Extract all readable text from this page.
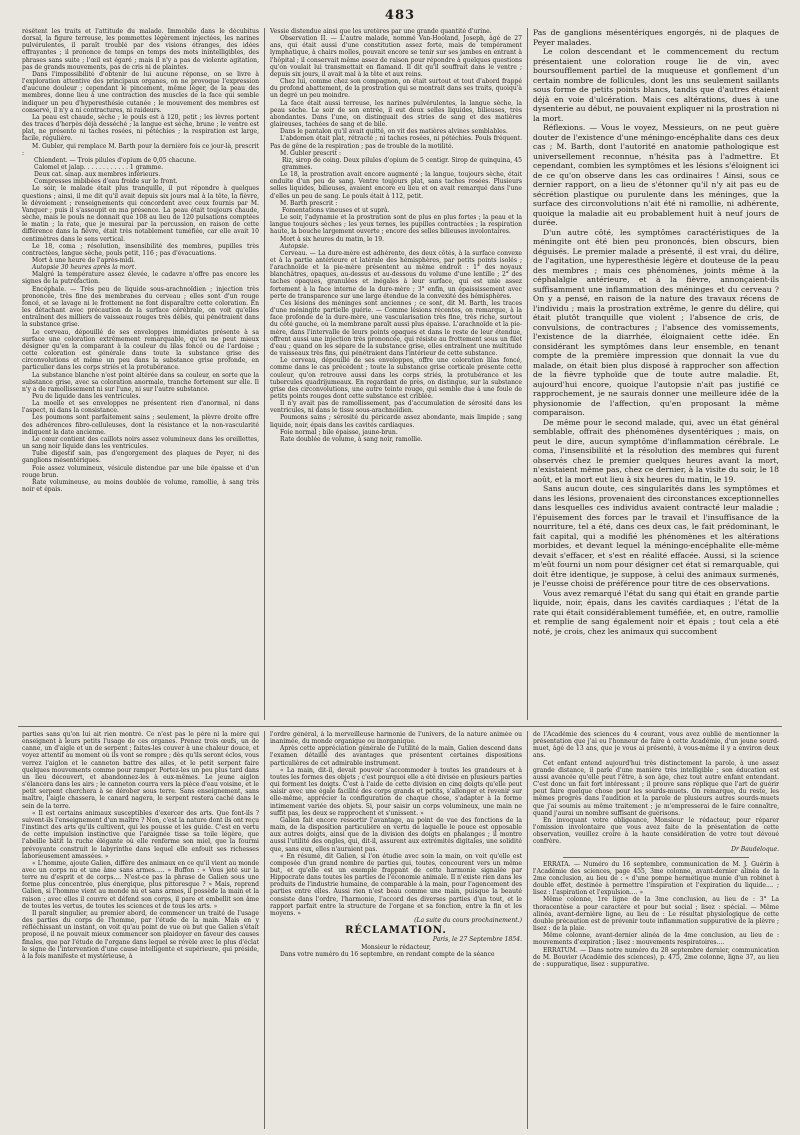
483

résêtent les traits et l'attitude du malade. Immobile dans le décubitus dorsal, la figure terreuse, les pommettes légèrement injectées, les narines pulvérulentes, il paraît troublé par des visions étranges, des idées effrayantes ; il prononce de temps en temps des mots inintelligibles, des phrases sans suite ; l'œil est égaré ; mais il n'y a pas de violente agitation, pas de grands mouvements, pas de cris ni de plaintes.

Dans l'impossibilité d'obtenir de lui aucune réponse, on se livre à l'exploration attentive des principaux organes, on ne provoque l'expression d'aucune douleur ; cependant le pincement, même léger, de la peau des membres, donne lieu à une contraction des muscles de la face qui semble indiquer un peu d'hyperesthésie cutanée ; le mouvement des membres est conservé, il n'y a ni contractures, ni raideurs.

La peau est chaude, sèche ; le pouls est à 120, petit ; les lèvres portent des traces d'herpès déjà desséché ; la langue est sèche, brune ; le ventre est plat, ne présente ni taches rosées, ni pétéchies ; la respiration est large, facile, régulière.

M. Gubler, qui remplace M. Barth pour la dernière fois ce jour-là, prescrit :

Chiendent. — Trois pilules d'opium de 0,05 chacune.

Calomel et jalap. . . . . . . . . . . . 1 gramme.

Deux cat. sinap. aux membres inférieurs.

Compresses imbibées d'eau froide sur le front.

Le soir, le malade était plus tranquille, il put répondre à quelques questions ; ainsi, il me dit qu'il avait depuis six jours mal à la tête, la fièvre, le dévoiement ; renseignements qui concordent avec ceux fournis par M. Vanquer ; puis il s'assoupit en ma présence. La peau était toujours chaude, sèche, mais le pouls ne donnait que 108 au lieu de 120 pulsations comptées le matin ; la rate, que je mesurai par la percussion, en raison de cette différence dans la fièvre, était très notablement tuméfiée, car elle avait 10 centimètres dans le sens vertical.

Le 18, coma ; résolution, insensibilité des membres, pupilles très contractées, langue sèche, pouls petit, 116 ; pas d'évacuations.

Mort à une heure de l'après-midi.

Autopsie 30 heures après la mort.

Malgré la température assez élevée, le cadavre n'offre pas encore les signes de la putréfaction.

Encéphale. — Très peu de liquide sous-arachnoïdien ; injection très prononcée, très fine des membranes du cerveau ; elles sont d'un rouge foncé, et se lavage ni le frottement ne font disparaître cette coloration. En les détachant avec précaution de la surface cérébrale, on voit qu'elles entraînent des milliers de vaisseaux rouges très déliés, qui pénétraient dans la substance grise.

Le cerveau, dépouillé de ses enveloppes immédiates présente à sa surface une coloration extrêmement remarquable, qu'on ne peut mieux désigner qu'en la comparant à la couleur du lilas foncé ou de l'ardoise ; cette coloration est générale dans toute la substance grise des circonvolutions et même un peu dans la substance grise profonde, en particulier dans les corps striés et la protubérance.

La substance blanche n'est point altérée dans sa couleur, en sorte que la substance grise, avec sa coloration anormale, tranche fortement sur elle. Il n'y a de ramollissement ni sur l'une, ni sur l'autre substance.

Peu de liquide dans les ventricules.

La moelle et ses enveloppes ne présentent rien d'anormal, ni dans l'aspect, ni dans la consistance.

Les poumons sont parfaitement sains ; seulement, la plèvre droite offre des adhérences fibro-celluleuses, dont la résistance et la non-vascularité indiquent la date ancienne.

Le cœur contient des caillots noirs assez volumineux dans les oreillettes, un sang noir liquide dans les ventricules.

Tube digestif sain, pas d'engorgement des plaques de Peyer, ni des ganglions mésentériques.

Foie assez volumineux, vésicule distendue par une bile épaisse et d'un rouge brun.

Rate volumineuse, au moins doublée de volume, ramollie, à sang très noir et épais.

Vessie distendue ainsi que les uretères par une grande quantité d'urine.

Observation II. — L'autre malade, nommé Van-Hooland, Joseph, âgé de 27 ans, qui était aussi d'une constitution assez forte, mais de tempérament lymphatique, à chairs molles, pouvait encore se tenir sur ses jambes en entrant à l'hôpital ; il conservait même assez de raison pour répondre à quelques questions qu'on voulait lui transmettait en flamand. Il dit qu'il souffrait dans le ventre ; depuis six jours, il avait mal à la tête et aux reins.

Chez lui, comme chez son compagnon, on était surtout et tout d'abord frappé du profond abattement, de la prostration qui se montrait dans ses traits, quoiqu'à un degré un peu moindre.

La face était aussi terreuse, les narines pulvérulentes, la langue sèche, la peau sèche. Le soir de son entrée, il eut deux selles liquides, bilieuses, très abondantes. Dans l'une, on distinguait des stries de sang et des matières glaireuses, tachées de sang et de bile.

Dans le pantalon qu'il avait quitté, on vit des matières alvines semblables.

L'abdomen était plat, rétracté ; ni taches rosées, ni pétéchies. Pouls fréquent. Pas de gêne de la respiration ; pas de trouble de la motilité.

M. Gubler prescrit :

Riz, sirop de coing. Deux pilules d'opium de 5 centigr. Sirop de quinquina, 45 grammes.

Le 18, la prostration avait encore augmenté ; la langue, toujours sèche, était enduite d'un peu de sang. Ventre toujours plat, sans taches rosées. Plusieurs selles liquides, bilieuses, avaient encore eu lieu et on avait remarqué dans l'une d'elles un peu de sang. Le pouls était à 112, petit.

M. Barth prescrit :

Fomentations vineuses et ut suprà.

Le soir, l'adynamie et la prostration sont de plus en plus fortes ; la peau et la langue toujours sèches ; les yeux ternes, les pupilles contractées ; la respiration haute, la bouche largement ouverte ; encore des selles bilieuses involontaires.

Mort à six heures du matin, le 19.

Autopsie.

Cerveau. — La dure-mère est adhérente, des deux côtés, à la surface convexe et à la partie antérieure et latérale des hémisphères, par petits points isolés ; l'arachnoïde et la pie-mère présentent au même endroit : 1° des noyaux blanchâtres, opaques, au-dessus et au-dessous du volume d'une lentille ; 2° des taches opaques, granulées et inégales à leur surface, qui est unie assez fortement à la face interne de la dure-mère ; 3° enfin, un épaississement avec perte de transparence sur une large étendue de la convexité des hémisphères.

Ces lésions des méninges sont anciennes ; ce sont, dit M. Barth, les traces d'une méningite partielle guérie. — Comme lésions récentes, on remarque, à la face profonde de la dure-mère, une vascularisation très fine, très riche, surtout du côté gauche, où la membrane paraît aussi plus épaisse. L'arachnoïde et la pie-mère, dans l'intervalle de leurs points opaques et dans le reste de leur étendue, offrent aussi une injection très prononcée, qui résiste au frottement sous un filet d'eau ; quand on les sépare de la substance grise, elles entraînent une multitude de vaisseaux très fins, qui pénétraient dans l'intérieur de cette substance.

Le cerveau, dépouillé de ses enveloppes, offre une coloration lilas foncé, comme dans le cas précédent ; toute la substance grise corticale présente cette couleur, qu'on retrouve aussi dans les corps striés, la protubérance et les tubercules quadrijumeaux. En regardant de près, on distingue, sur la substance grise des circonvolutions, une autre teinte rouge, qui semble due à une foule de petits points rouges dont cette substance est criblée.

Il n'y avait pas de ramollissement, pas d'accumulation de sérosité dans les ventricules, ni dans le tissu sous-arachnoïdien.

Poumons sains ; sérosité du péricarde assez abondante, mais limpide ; sang liquide, noir, épais dans les cavités cardiaques.

Foie normal ; bile épaisse, jaune-brun.

Rate doublée de volume, à sang noir, ramollie.

Pas de ganglions mésentériques engorgés, ni de plaques de Peyer malades.

Le colon descendant et le commencement du rectum présentaient une coloration rouge lie de vin, avec boursoufflement partiel de la muqueuse et gonflement d'un certain nombre de follicules, dont les uns seulement saillants sous forme de petits points blancs, tandis que d'autres étaient déjà en voie d'ulcération. Mais ces altérations, dues à une dysenterie au début, ne pouvaient expliquer ni la prostration ni la mort.

Réflexions. — Vous le voyez, Messieurs, on ne peut guère douter de l'existence d'une méningo-encéphalite dans ces deux cas ; M. Barth, dont l'autorité en anatomie pathologique est universellement reconnue, n'hésita pas à l'admettre. Et cependant, combien les symptômes et les lésions s'éloignent ici de ce qu'on observe dans les cas ordinaires ! Ainsi, sous ce dernier rapport, on a lieu de s'étonner qu'il n'y ait pas eu de sécrétion plastique ou purulente dans les méninges, que la surface des circonvolutions n'ait été ni ramollie, ni adhérente, quoique la maladie ait eu probablement huit à neuf jours de durée.

D'un autre côté, les symptômes caractéristiques de la méningite ont été bien peu prononcés, bien obscurs, bien déguisés. Le premier malade a présenté, il est vrai, du délire, de l'agitation, une hyperesthésie légère et douteuse de la peau des membres ; mais ces phénomènes, joints même à la céphalalgie antérieure, et à la fièvre, annonçaient-ils suffisamment une inflammation des méninges et du cerveau ? On y a pensé, en raison de la nature des travaux récens de l'individu ; mais la prostration extrême, le genre du délire, qui était plutôt tranquille que violent ; l'absence de cris, de convulsions, de contractures ; l'absence des vomissements, l'existence de la diarrhée, éloignaient cette idée. En considérant les symptômes dans leur ensemble, en tenant compte de la première impression que donnait la vue du malade, on était bien plus disposé à rapprocher son affection de la fièvre typhoïde que de toute autre maladie. Et, aujourd'hui encore, quoique l'autopsie n'ait pas justifié ce rapprochement, je ne saurais donner une meilleure idée de la physionomie de l'affection, qu'en proposant la même comparaison.

De même pour le second malade, qui, avec un état général semblable, offrait des phénomènes dysentériques ; mais, on peut le dire, aucun symptôme d'inflammation cérébrale. Le coma, l'insensibilité et la résolution des membres qui furent observés chez le premier quelques heures avant la mort, n'existaient même pas, chez ce dernier, à la visite du soir, le 18 août, et la mort eut lieu à six heures du matin, le 19.

Sans aucun doute, ces singularités dans les symptômes et dans les lésions, provenaient des circonstances exceptionnelles dans lesquelles ces individus avaient contracté leur maladie ; l'épuisement des forces par le travail et l'insuffisance de la nourriture, tel a été, dans ces deux cas, le fait prédominant, le fait capital, qui a modifié les phénomènes et les altérations morbides, et devant lequel la méningo-encéphalite elle-même devait s'effacer, et s'est en réalité effacée. Aussi, si la science m'eût fourni un nom pour désigner cet état si remarquable, qui doit être identique, je suppose, à celui des animaux surmenés, je l'eusse choisi de préférence pour titre de ces observations.

Vous avez remarqué l'état du sang qui était en grande partie liquide, noir, épais, dans les cavités cardiaques ; l'état de la rate qui était considérablement tuméfiée, et, en outre, ramollie et remplie de sang également noir et épais ; tout cela a été noté, je crois, chez les animaux qui succombent

parties sans qu'on lui ait rien montré. Ce n'est pas le père ni la mère qui enseignent à leurs petits l'usage de ces organes. Prenez trois œufs, un de canne, un d'aigle et un de serpent ; faites-les couver à une chaleur douce, et voyez attentif au moment où ils vont se rompre ; dès qu'ils seront éclos, vous verrez l'aiglon et le canneton battre des ailes, et le petit serpent faire quelques mouvements comme pour ramper. Portez-les un peu plus tard dans un lieu découvert, et abandonnez-les à eux-mêmes. Le jeune aiglon s'élancera dans les airs ; le canneton courra vers la pièce d'eau voisine, et le petit serpent cherchera à se dérober sous terre. Sans enseignement, sans maître, l'aigle chassera, le canard nagera, le serpent restera caché dans le sein de la terre.

« Il est certains animaux susceptibles d'exercer des arts. Que font-ils ? suivent-ils l'enseignement d'un maître ? Non, c'est la nature dont ils ont reçu l'instinct des arts qu'ils cultivent, qui les pousse et les guide. C'est en vertu de cette impulsion instinctive que l'araignée tisse sa toile légère, que l'abeille bâtit la ruche élégante où elle renferme son miel, que la fourmi prévoyante construit le labyrinthe dans lequel elle enfouit ses richesses laborieusement amassées. »

« L'homme, ajoute Galien, diffère des animaux en ce qu'il vient au monde avec un corps nu et une âme sans armes..... » Buffon : « Vous jeté sur la terre nu d'esprit et de corps.... N'est-ce pas la phrase de Galien sous une forme plus concentrée, plus énergique, plus pittoresque ? » Mais, reprend Galien, si l'homme vient au monde nu et sans armes, il possède la main et la raison ; avec elles il couvre et défend son corps, il pare et embellit son âme de toutes les vertus, de toutes les sciences et de tous les arts. »

Il paraît singulier, au premier abord, de commencer un traité de l'usage des parties du corps de l'homme, par l'étude de la main. Mais en y réfléchissant un instant, on voit qu'au point de vue où but que Galien s'était proposé, il ne pouvait mieux commencer son plaidoyer en faveur des causes finales, que par l'étude de l'organe dans lequel se révèle avec le plus d'éclat le signe de l'intervention d'une cause intelligente et supérieure, qui préside, à la fois manifeste et mystérieuse, à

l'ordre général, à la merveilleuse harmonie de l'univers, de la nature animée ou inanimée, du monde organique ou inorganique.

Après cette appréciation générale de l'utilité de la main, Galien descend dans l'examen détaillé des avantages que présentent certaines dispositions particulières de cet admirable instrument.

« La main, dit-il, devait pouvoir s'accommoder à toutes les grandeurs et à toutes les formes des objets ; c'est pourquoi elle a été divisée en plusieurs parties qui forment les doigts. C'est à l'aide de cette division en cinq doigts qu'elle peut saisir avec une égale facilité des corps grands et petits, s'allonger et revenir sur elle-même, apprécier la configuration de chaque chose, s'adapter à la forme intimement variée des objets. Si, pour saisir un corps volumineux, une main ne suffit pas, les deux se rapprochent et s'unissent. »

Galien fait encore ressortir l'avantage, au point de vue des fonctions de la main, de la disposition particulière en vertu de laquelle le pouce est opposable aux autres doigts, ainsi que de la division des doigts en phalanges ; il montre aussi l'utilité des ongles, qui, dit-il, assurent aux extrémités digitales, une solidité que, sans eux, elles n'auraient pas.

« En résumé, dit Galien, si l'on étudie avec soin la main, on voit qu'elle est composée d'un grand nombre de parties qui, toutes, concourent vers un même but, et qu'elle est un exemple frappant de cette harmonie signalée par Hippocrate dans toutes les parties de l'économie animale. Il n'existe rien dans les produits de l'industrie humaine, de comparable à la main, pour l'agencement des parties entre elles. Aussi rien n'est beau comme une main, puisque la beauté consiste dans l'ordre, l'harmonie, l'accord des diverses parties d'un tout, et le rapport parfait entre la structure de l'organe et sa fonction, entre la fin et les moyens. »

(La suite du cours prochainement.)

RÉCLAMATION.

Paris, le 27 Septembre 1854.

Monsieur le rédacteur,

Dans votre numéro du 16 septembre, en rendant compte de la séance

de l'Académie des sciences du 4 courant, vous avez oublié de mentionner la présentation que j'ai eu l'honneur de faire à cette Académie, d'un jeune sourd-muet, âgé de 13 ans, que je vous ai présenté, à vous-même il y a environ deux ans.

Cet enfant entend aujourd'hui très distinctement la parole, à une assez grande distance, il parle d'une manière très intelligible ; son éducation est aussi avancée qu'elle peut l'être, à son âge, chez tout autre enfant entendant. C'est donc un fait fort intéressant ; il prouve sans réplique que l'art de guérir peut faire quelque chose pour les sourds-muets. On remarque, du reste, les mêmes progrès dans l'audition et la parole de plusieurs autres sourds-muets que j'ai soumis au même traitement ; je m'empresserai de le faire connaître, quand j'aurai un nombre suffisant de guérisons.

En invoquant votre obligeance, Monsieur le rédacteur, pour réparer l'omission involontaire que vous avez faite de la présentation de cette observation, veuillez croire à la haute considération de votre tout dévoué confrère.

Dr Baudeloque.

ERRATA. — Numéro du 16 septembre, communication de M. J. Guérin à l'Académie des sciences, page 455, 3me colonne, avant-dernier alinéa de la 2me conclusion, au lieu de : « d'une pompe hermétique munie d'un robinet à double effet, destinée à permettre l'inspiration et l'expiration du liquide.... ; lisez : l'aspiration et l'expulsion.... »

Même colonne, 1re ligne de la 3me conclusion, au lieu de : 3° La thoracentèse a pour caractère et pour but social ; lisez : spécial. — Même alinéa, avant-dernière ligne, au lieu de : Le résultat physiologique de cette double précaution est de prévenir toute inflammation suppurative de la plèvre ; lisez : de la plaie.

Même colonne, avant-dernier alinéa de la 4me conclusion, au lieu de : mouvements d'expiration ; lisez : mouvements respiratoires....

ERRATUM. — Dans notre numéro du 28 septembre dernier, communication de M. Bouvier (Académie des sciences), p. 475, 2me colonne, ligne 37, au lieu de : suppuratique, lisez : suppurative.
